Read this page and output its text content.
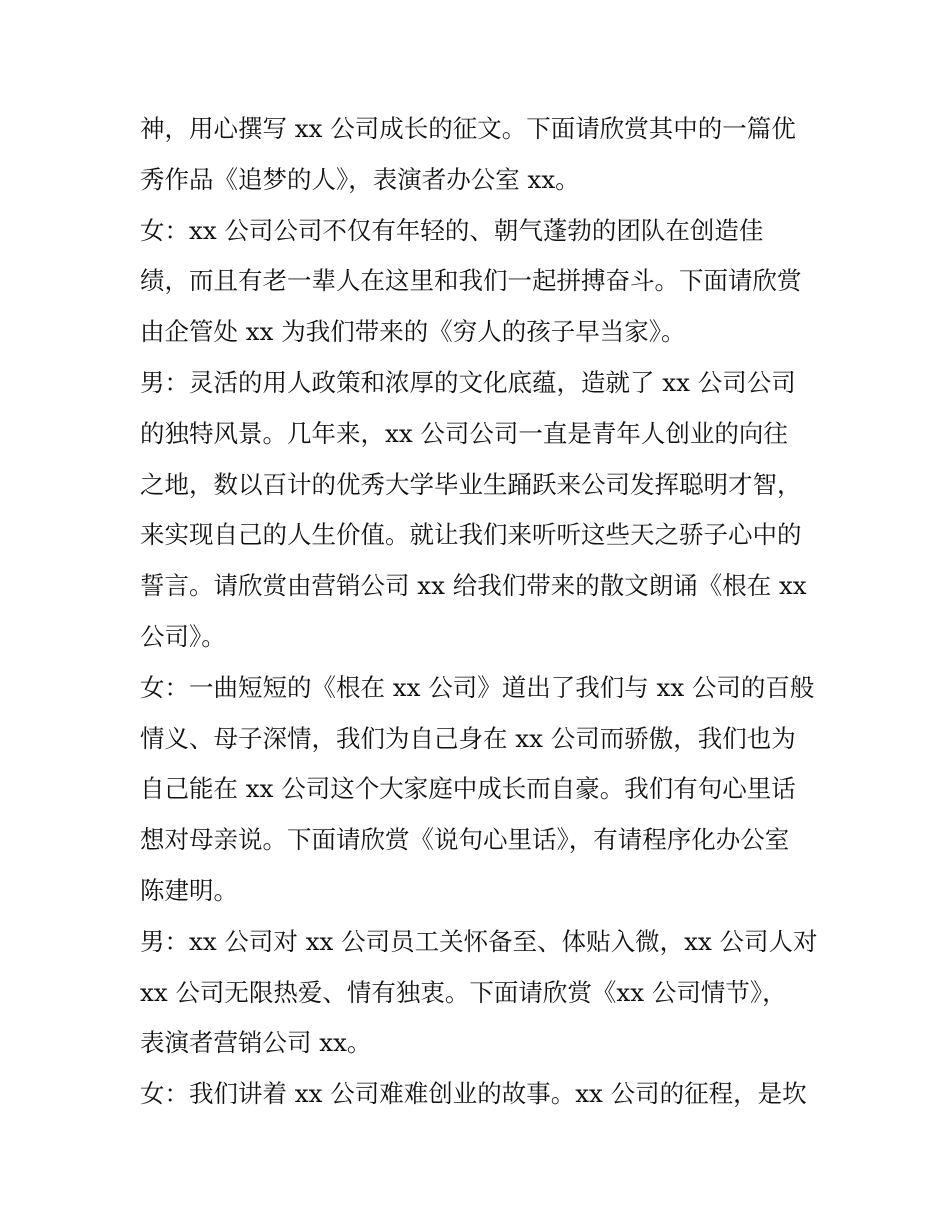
神，用心撰写 xx 公司成长的征文。下面请欣赏其中的一篇优
秀作品《追梦的人》，表演者办公室 xx。
女：xx 公司公司不仅有年轻的、朝气蓬勃的团队在创造佳
绩，而且有老一辈人在这里和我们一起拼搏奋斗。下面请欣赏
由企管处 xx 为我们带来的《穷人的孩子早当家》。
男：灵活的用人政策和浓厚的文化底蕴，造就了 xx 公司公司
的独特风景。几年来，xx 公司公司一直是青年人创业的向往
之地，数以百计的优秀大学毕业生踊跃来公司发挥聪明才智，
来实现自己的人生价值。就让我们来听听这些天之骄子心中的
誓言。请欣赏由营销公司 xx 给我们带来的散文朗诵《根在 xx
公司》。
女：一曲短短的《根在 xx 公司》道出了我们与 xx 公司的百般
情义、母子深情，我们为自己身在 xx 公司而骄傲，我们也为
自己能在 xx 公司这个大家庭中成长而自豪。我们有句心里话
想对母亲说。下面请欣赏《说句心里话》，有请程序化办公室
陈建明。
男：xx 公司对 xx 公司员工关怀备至、体贴入微，xx 公司人对
xx 公司无限热爱、情有独衷。下面请欣赏《xx 公司情节》，
表演者营销公司 xx。
女：我们讲着 xx 公司难难创业的故事。xx 公司的征程，是坎
